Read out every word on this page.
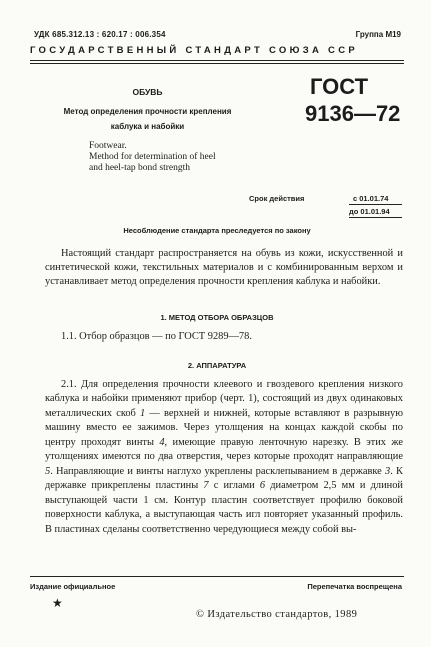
УДК 685.312.13 : 620.17 : 006.354	Группа М19
ГОСУДАРСТВЕННЫЙ СТАНДАРТ СОЮЗА ССР
ОБУВЬ
Метод определения прочности крепления
каблука и набойки
Footwear.
Method for determination of heel
and heel-tap bond strength
ГОСТ
9136—72
Срок действия	с 01.01.74
до 01.01.94
Несоблюдение стандарта преследуется по закону
Настоящий стандарт распространяется на обувь из кожи, искусственной и синтетической кожи, текстильных материалов и с комбинированным верхом и устанавливает метод определения прочности крепления каблука и набойки.
1. МЕТОД ОТБОРА ОБРАЗЦОВ
1.1. Отбор образцов — по ГОСТ 9289—78.
2. АППАРАТУРА
2.1. Для определения прочности клеевого и гвоздевого крепления низкого каблука и набойки применяют прибор (черт. 1), состоящий из двух одинаковых металлических скоб 1 — верхней и нижней, которые вставляют в разрывную машину вместо ее зажимов. Через утолщения на концах каждой скобы по центру проходят винты 4, имеющие правую ленточную нарезку. В этих же утолщениях имеются по два отверстия, через которые проходят направляющие 5. Направляющие и винты наглухо укреплены расклепыванием в державке 3. К державке прикреплены пластины 7 с иглами 6 диаметром 2,5 мм и длиной выступающей части 1 см. Контур пластин соответствует профилю боковой поверхности каблука, а выступающая часть игл повторяет указанный профиль. В пластинах сделаны соответственно чередующиеся между собой вы-
Издание официальное	Перепечатка воспрещена
★
© Издательство стандартов, 1989
